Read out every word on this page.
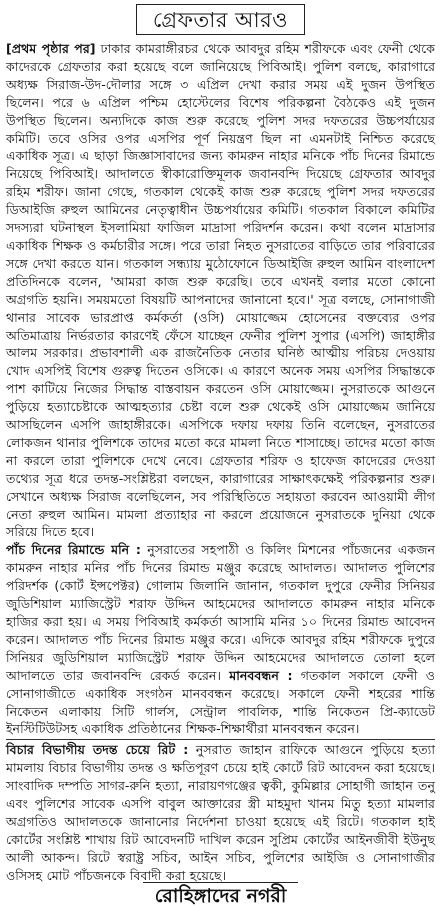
গ্রেফতার আরও

[প্রথম পৃষ্ঠার পর] ঢাকার কামরাঙ্গীরচর থেকে আবদুর রহিম শরীফকে এবং ফেনী থেকে কাদেরকে গ্রেফতার করা হয়েছে বলে জানিয়েছে পিবিআই। পুলিশ বলছে, কারাগারে অধ্যক্ষ সিরাজ-উদ-দৌলার সঙ্গে ৩ এপ্রিল দেখা করার সময় এই দুজন উপস্থিত ছিলেন। পরে ৬ এপ্রিল পশ্চিম হোস্টেলের বিশেষ পরিকল্পনা বৈঠকেও এই দুজন উপস্থিত ছিলেন। অন্যদিকে কাজ শুরু করেছে পুলিশ সদর দফতরের উচ্চপর্যায়ের কমিটি। তবে ওসির ওপর এসপির পূর্ণ নিয়ন্ত্রণ ছিল না এমনটাই নিশ্চিত করেছে একাধিক সূত্র। এ ছাড়া জিজ্ঞাসাবাদের জন্য কামরুন নাহার মনিকে পাঁচ দিনের রিমান্ডে নিয়েছে পিবিআই। আদালতে স্বীকারোক্তিমূলক জবানবন্দি দিয়েছে গ্রেফতার আবদুর রহিম শরীফ। জানা গেছে, গতকাল থেকেই কাজ শুরু করেছে পুলিশ সদর দফতরের ডিআইজি রুহুল আমিনের নেতৃত্বাধীন উচ্চপর্যায়ের কমিটি। গতকাল বিকালে কমিটির সদস্যরা ঘটনাস্থল ইসলামিয়া ফাজিল মাদ্রাসা পরিদর্শন করেন। কথা বলেন মাদ্রাসার একাধিক শিক্ষক ও কর্মচারীর সঙ্গে। পরে তারা নিহত নুসরাতের বাড়িতে তার পরিবারের সঙ্গে দেখা করতে যান। গতকাল সন্ধ্যায় মুঠোফোনে ডিআইজি রুহুল আমিন বাংলাদেশ প্রতিদিনকে বলেন, 'আমরা কাজ শুরু করেছি। তবে এখনই বলার মতো কোনো অগ্রগতি হয়নি। সময়মতো বিষয়টি আপনাদের জানানো হবে।' সূত্র বলছে, সোনাগাজী থানার সাবেক ভারপ্রাপ্ত কর্মকর্তা (ওসি) মোয়াজ্জেম হোসেনের বক্তব্যের ওপর অতিমাত্রায় নির্ভরতার কারণেই ফেঁসে যাচ্ছেন ফেনীর পুলিশ সুপার (এসপি) জাহাঙ্গীর আলম সরকার। প্রভাবশালী এক রাজনৈতিক নেতার ঘনিষ্ঠ আত্মীয় পরিচয় দেওয়ায় খোদ এসপিই বিশেষ গুরুত্ব দিতেন ওসিকে। এ কারণে অনেক সময় এসপির সিদ্ধান্তকে পাশ কাটিয়ে নিজের সিদ্ধান্ত বাস্তবায়ন করতেন ওসি মোয়াজ্জেম। নুসরাতকে আগুনে পুড়িয়ে হত্যাচেষ্টাকে আত্মহত্যার চেষ্টা বলে শুরু থেকেই ওসি মোয়াজ্জেম জানিয়ে আসছিলেন এসপি জাহাঙ্গীরকে। এসপিকে দফায় দফায় তিনি বলেছেন, নুসরাতের লোকজন থানার পুলিশকে তাদের মতো করে মামলা নিতে শাসাচ্ছে। তাদের মতো কাজ না করলে তারা পুলিশকে দেখে নেবে। গ্রেফতার শরিফ ও হাফেজ কাদেরের দেওয়া তথ্যের সূত্র ধরে তদন্ত-সংশ্লিষ্টরা বলছেন, কারাগারের সাক্ষাৎকক্ষেই পরিকল্পনার শুরু। সেখানে অধ্যক্ষ সিরাজ বলেছিলেন, সব পরিস্থিতিতে সহায়তা করবেন আওয়ামী লীগ নেতা রুহুল আমিন। মামলা প্রত্যাহার না করলে প্রয়োজনে নুসরাতকে দুনিয়া থেকে সরিয়ে দিতে হবে।

পাঁচ দিনের রিমান্ডে মনি : নুসরাতের সহপাঠী ও কিলিং মিশনের পাঁচজনের একজন কামরুন নাহার মনির পাঁচ দিনের রিমান্ড মঞ্জুর করেছে আদালত। আদালত পুলিশের পরিদর্শক (কোর্ট ইন্সপেক্টর) গোলাম জিলানি জানান, গতকাল দুপুরে ফেনীর সিনিয়র জুডিশিয়াল ম্যাজিস্ট্রেট শরাফ উদ্দিন আহমেদের আদালতে কামরুন নাহার মনিকে হাজির করা হয়। এ সময় পিবিআই কর্মকর্তা আসামি মনির ১০ দিনের রিমান্ড আবেদন করেন। আদালত পাঁচ দিনের রিমান্ড মঞ্জুর করে। এদিকে আবদুর রহিম শরীফকে দুপুরে সিনিয়র জুডিশিয়াল ম্যাজিস্ট্রেট শরাফ উদ্দিন আহমেদের আদালতে তোলা হলে আদালতে তার জবানবন্দি রেকর্ড করেন। মানববন্ধন : গতকাল সকালে ফেনী ও সোনাগাজীতে একাধিক সংগঠন মানববন্ধন করেছে। সকালে ফেনী শহরের শান্তি নিকেতন এলাকায় সিটি গার্লস, সেন্ট্রাল পাবলিক, শান্তি নিকেতন প্রি-ক্যাডেট ইনস্টিটিউটসহ একাধিক প্রতিষ্ঠানের শিক্ষক-শিক্ষার্থীরা মানববন্ধন করেন।

বিচার বিভাগীয় তদন্ত চেয়ে রিট : নুসরাত জাহান রাফিকে আগুনে পুড়িয়ে হত্যা মামলায় বিচার বিভাগীয় তদন্ত ও ক্ষতিপূরণ চেয়ে হাই কোর্টে রিট আবেদন করা হয়েছে। সাংবাদিক দম্পতি সাগর-রুনি হত্যা, নারায়ণগঞ্জের ত্বকী, কুমিল্লার সোহাগী জাহান তনু এবং পুলিশের সাবেক এসপি বাবুল আক্তারের স্ত্রী মাহমুদা খানম মিতু হত্যা মামলার অগ্রগতিও আদালতকে জানানোর নির্দেশনা চাওয়া হয়েছে এই রিটে। গতকাল হাই কোর্টের সংশ্লিষ্ট শাখায় রিট আবেদনটি দাখিল করেন সুপ্রিম কোর্টের আইনজীবী ইউনুছ আলী আকন্দ। রিটে স্বরাষ্ট্র সচিব, আইন সচিব, পুলিশের আইজি ও সোনাগাজীর ওসিসহ মোট পাঁচজনকে বিবাদী করা হয়েছে।

রোহিঙ্গাদের নগরী
